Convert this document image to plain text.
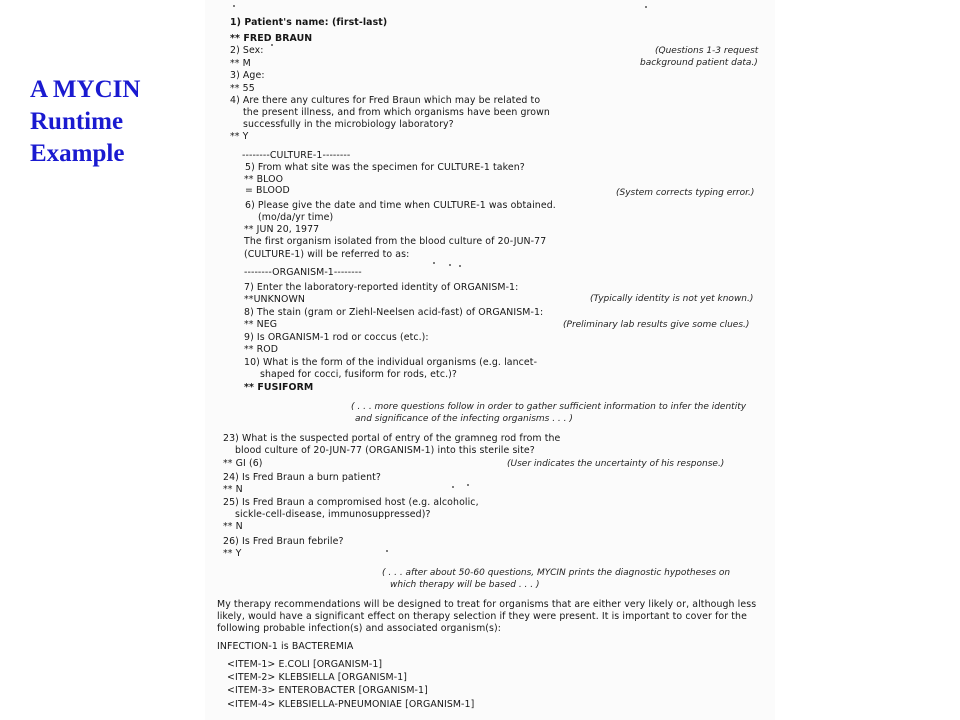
A MYCIN
Runtime
Example
1) Patient's name: (first-last)
** FRED BRAUN
2) Sex:
** M
3) Age:
** 55
4) Are there any cultures for Fred Braun which may be related to
the present illness, and from which organisms have been grown
successfully in the microbiology laboratory?
** Y
--------CULTURE-1--------
5) From what site was the specimen for CULTURE-1 taken?
** BLOO
= BLOOD
6) Please give the date and time when CULTURE-1 was obtained.
(mo/da/yr time)
** JUN 20, 1977
The first organism isolated from the blood culture of 20-JUN-77
(CULTURE-1) will be referred to as:
--------ORGANISM-1--------
7) Enter the laboratory-reported identity of ORGANISM-1:
**UNKNOWN
8) The stain (gram or Ziehl-Neelsen acid-fast) of ORGANISM-1:
** NEG
9) Is ORGANISM-1 rod or coccus (etc.):
** ROD
10) What is the form of the individual organisms (e.g. lancet-
shaped for cocci, fusiform for rods, etc.)?
** FUSIFORM
23) What is the suspected portal of entry of the gramneg rod from the
blood culture of 20-JUN-77 (ORGANISM-1) into this sterile site?
** GI (6)
24) Is Fred Braun a burn patient?
** N
25) Is Fred Braun a compromised host (e.g. alcoholic,
sickle-cell-disease, immunosuppressed)?
** N
26) Is Fred Braun febrile?
** Y
My therapy recommendations will be designed to treat for organisms that are either very likely or, although less
likely, would have a significant effect on therapy selection if they were present. It is important to cover for the
following probable infection(s) and associated organism(s):
INFECTION-1 is BACTEREMIA
<ITEM-1> E.COLI [ORGANISM-1]
<ITEM-2> KLEBSIELLA [ORGANISM-1]
<ITEM-3> ENTEROBACTER [ORGANISM-1]
<ITEM-4> KLEBSIELLA-PNEUMONIAE [ORGANISM-1]
(Questions 1-3 request
background patient data.)
(System corrects typing error.)
(Typically identity is not yet known.)
(Preliminary lab results give some clues.)
( . . . more questions follow in order to gather sufficient information to infer the identity
and significance of the infecting organisms . . . )
(User indicates the uncertainty of his response.)
( . . . after about 50-60 questions, MYCIN prints the diagnostic hypotheses on
which therapy will be based . . . )
